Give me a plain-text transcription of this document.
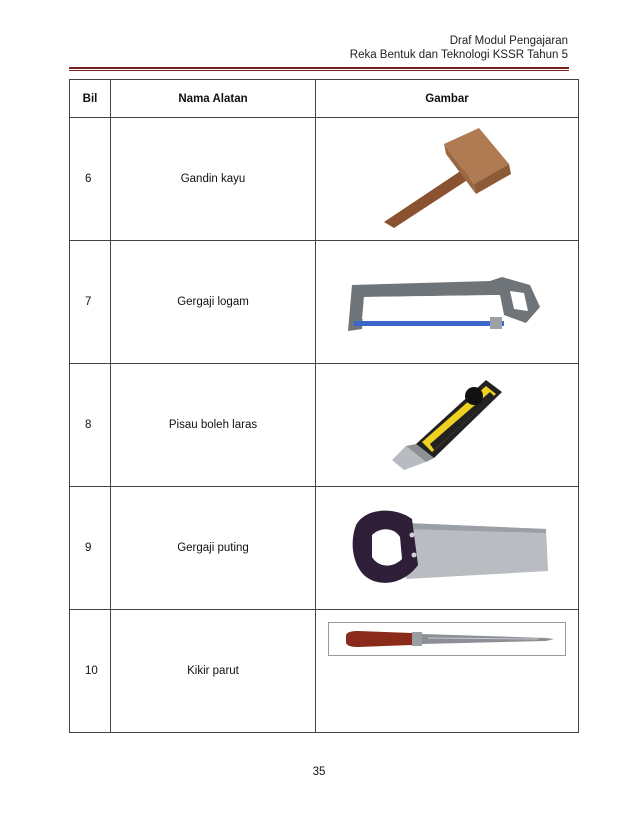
Draf Modul Pengajaran
Reka Bentuk dan Teknologi KSSR Tahun 5
Bil	Nama Alatan	Gambar
6	Gandin kayu	

7	Gergaji logam	

8	Pisau boleh laras	

9	Gergaji puting	

10	Kikir parut	
35
